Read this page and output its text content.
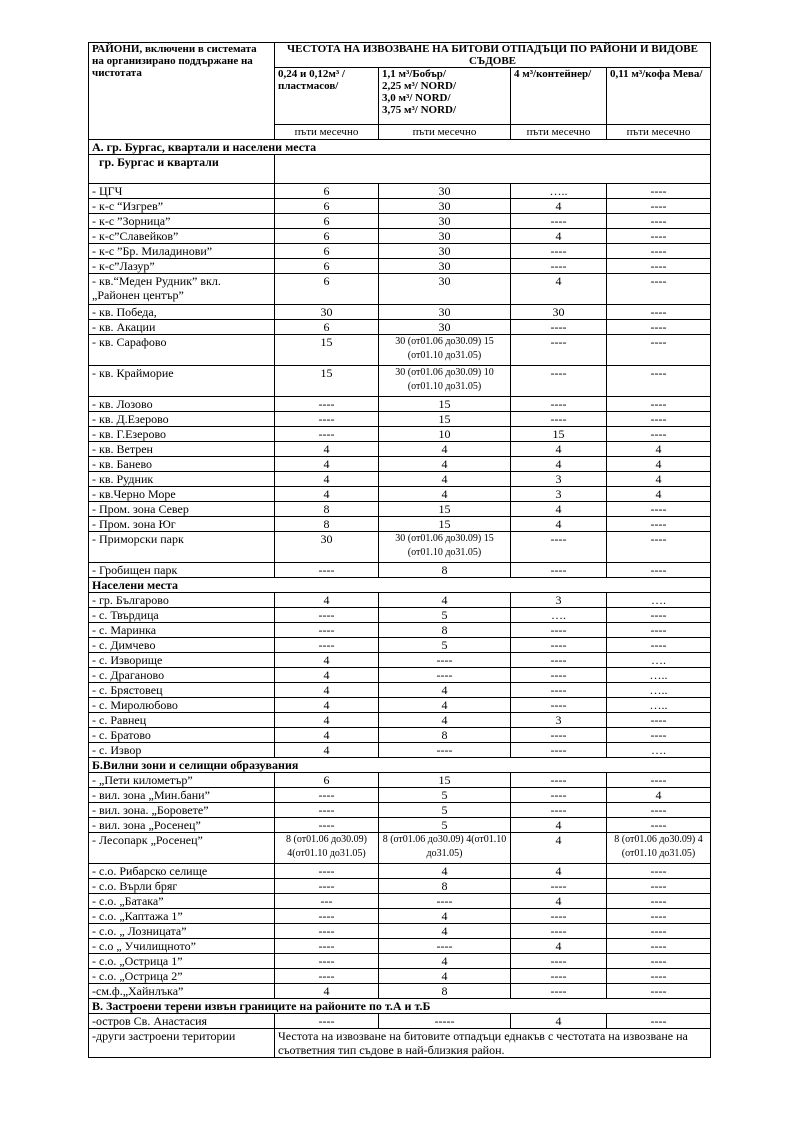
РАЙОНИ, включени в системата на организирано поддържане на чистотата	ЧЕСТОТА НА ИЗВОЗВАНЕ НА БИТОВИ ОТПАДЪЦИ ПО РАЙОНИ И ВИДОВЕ СЪДОВЕ			
	0,24 и 0,12м³ /пластмасов/	1,1 м³/Бобър/
2,25 м³/ NORD/
3,0 м³/ NORD/
3,75 м³/ NORD/	4 м³/контейнер/	0,11 м³/кофа Мева/
	пъти месечно	пъти месечно	пъти месечно	пъти месечно
А. гр. Бургас, квартали и населени места				
гр. Бургас и квартали				
- ЦГЧ	6	30	…..	----
- к-с “Изгрев”	6	30	4	----
- к-с ”Зорница”	6	30	----	----
- к-с”Славейков”	6	30	4	----
- к-с ”Бр. Миладинови”	6	30	----	----
- к-с”Лазур”	6	30	----	----
- кв.“Меден Рудник” вкл. „Районен център”	6	30	4	----
- кв. Победа,	30	30	30	----
- кв. Акации	6	30	----	----
- кв. Сарафово	15	30 (от01.06 до30.09) 15 (от01.10 до31.05)	----	----
- кв. Крайморие	15	30 (от01.06 до30.09) 10 (от01.10 до31.05)	----	----
- кв. Лозово	----	15	----	----
- кв. Д.Езерово	----	15	----	----
- кв. Г.Езерово	----	10	15	----
- кв. Ветрен	4	4	4	4
- кв. Банево	4	4	4	4
- кв. Рудник	4	4	3	4
- кв.Черно Море	4	4	3	4
- Пром. зона Север	8	15	4	----
- Пром. зона Юг	8	15	4	----
- Приморски парк	30	30 (от01.06 до30.09) 15 (от01.10 до31.05)	----	----
- Гробищен парк	----	8	----	----
Населени места				
- гр. Българово	4	4	3	….
- с. Твърдица	----	5	….	----
- с. Маринка	----	8	----	----
- с. Димчево	----	5	----	----
- с. Изворище	4	----	----	….
- с. Драганово	4	----	----	…..
- с. Брястовец	4	4	----	…..
- с. Миролюбово	4	4	----	…..
- с. Равнец	4	4	3	----
- с. Братово	4	8	----	----
- с. Извор	4	----	----	….
Б.Вилни зони и селищни образувания				
- „Пети километър”	6	15	----	----
- вил. зона „Мин.бани”	----	5	----	4
- вил. зона. „Боровете”	----	5	----	----
- вил. зона „Росенец”	----	5	4	----
- Лесопарк „Росенец”	8 (от01.06 до30.09) 4(от01.10 до31.05)	8 (от01.06 до30.09) 4(от01.10 до31.05)	4	8 (от01.06 до30.09) 4 (от01.10 до31.05)
- с.о. Рибарско селище	----	4	4	----
- с.о. Върли бряг	----	8	----	----
- с.о. „Батака”	---	----	4	----
- с.о. „Каптажа 1”	----	4	----	----
- с.о. „ Лозницата”	----	4	----	----
- с.о „ Училищното”	----	----	4	----
- с.о. „Острица 1”	----	4	----	----
- с.о. „Острица 2”	----	4	----	----
-см.ф.„Хайнлъка”	4	8	----	----
В. Застроени терени извън границите на районите по т.А и т.Б				
-остров Св. Анастасия	----	-----	4	----
-други застроени територии	Честота на извозване на битовите отпадъци еднакъв с честотата на извозване на съответния тип съдове в най-близкия район.			
